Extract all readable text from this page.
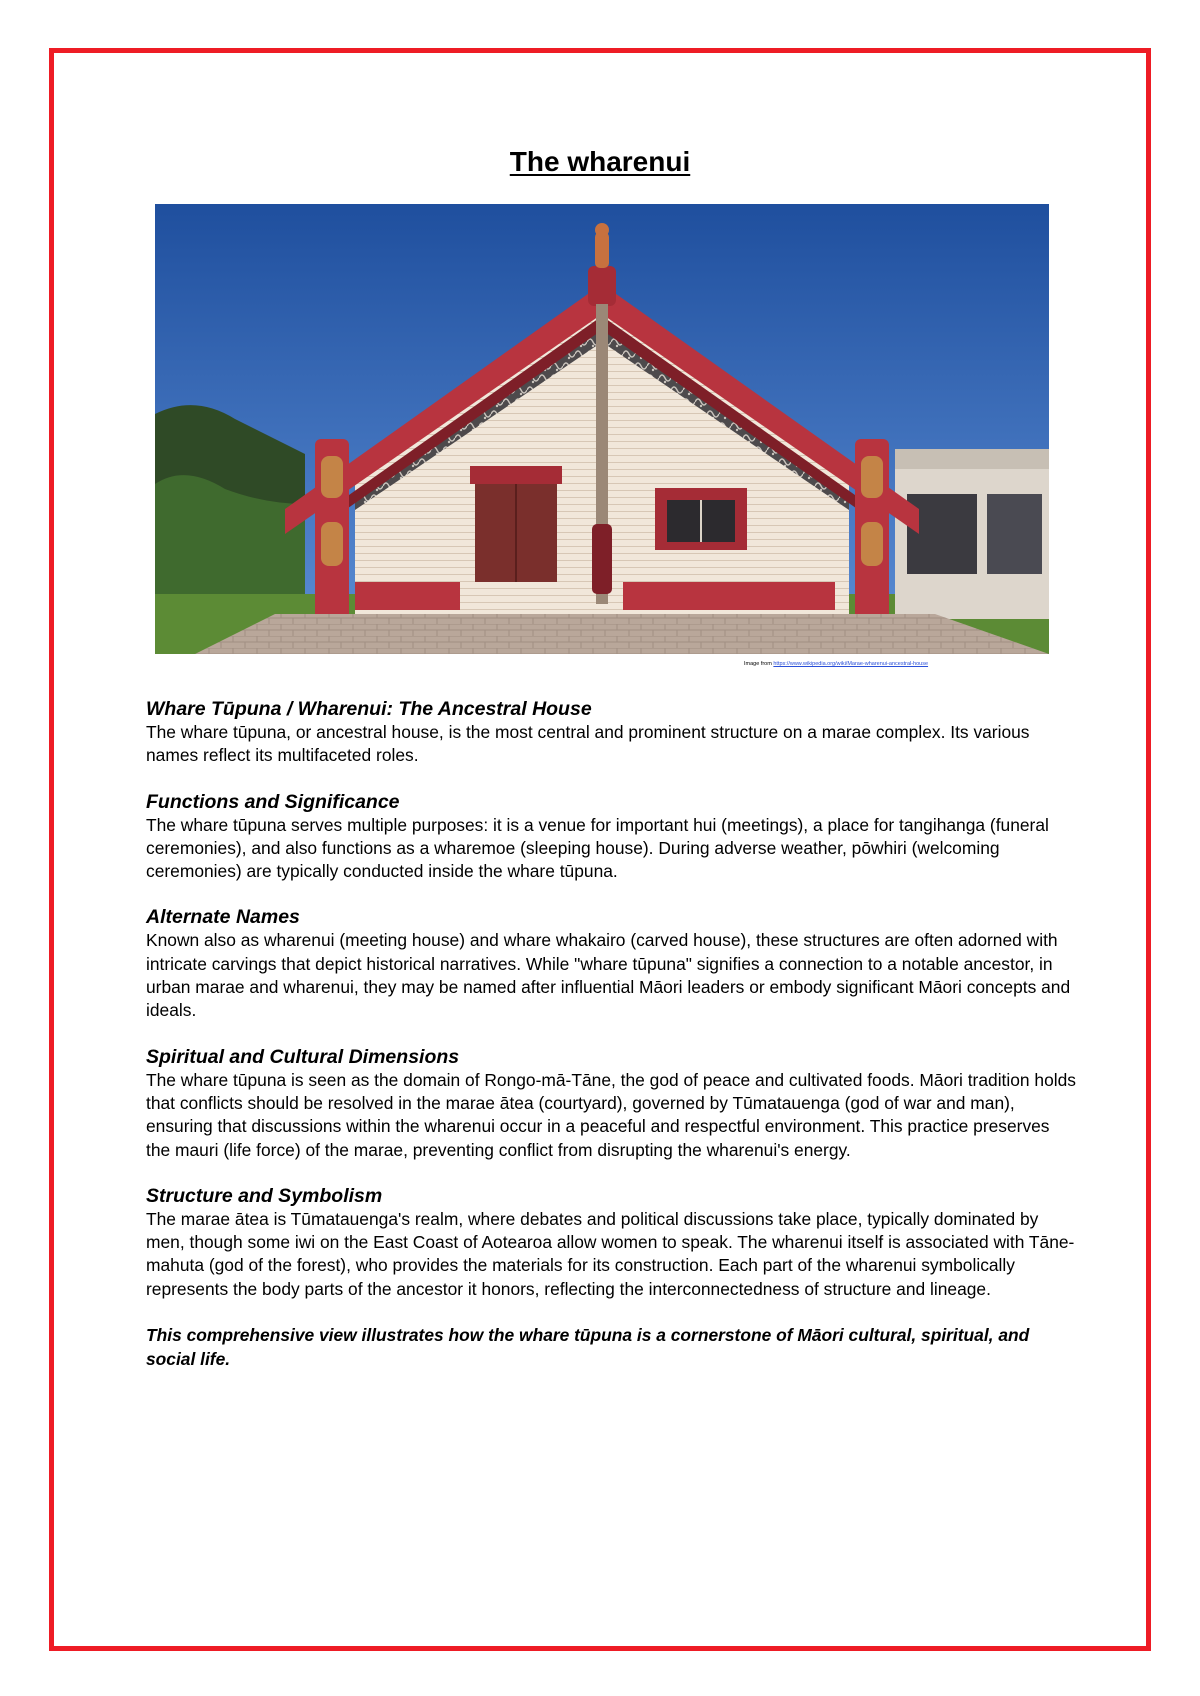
The wharenui
Image from https://www.wikipedia.org/wiki/Marae-wharenui-ancestral-house

Whare Tūpuna / Wharenui: The Ancestral House

The whare tūpuna, or ancestral house, is the most central and prominent structure on a marae complex. Its various names reflect its multifaceted roles.

Functions and Significance

The whare tūpuna serves multiple purposes: it is a venue for important hui (meetings), a place for tangihanga (funeral ceremonies), and also functions as a wharemoe (sleeping house). During adverse weather, pōwhiri (welcoming ceremonies) are typically conducted inside the whare tūpuna.

Alternate Names

Known also as wharenui (meeting house) and whare whakairo (carved house), these structures are often adorned with intricate carvings that depict historical narratives. While "whare tūpuna" signifies a connection to a notable ancestor, in urban marae and wharenui, they may be named after influential Māori leaders or embody significant Māori concepts and ideals.

Spiritual and Cultural Dimensions

The whare tūpuna is seen as the domain of Rongo-mā-Tāne, the god of peace and cultivated foods. Māori tradition holds that conflicts should be resolved in the marae ātea (courtyard), governed by Tūmatauenga (god of war and man), ensuring that discussions within the wharenui occur in a peaceful and respectful environment. This practice preserves the mauri (life force) of the marae, preventing conflict from disrupting the wharenui's energy.

Structure and Symbolism

The marae ātea is Tūmatauenga's realm, where debates and political discussions take place, typically dominated by men, though some iwi on the East Coast of Aotearoa allow women to speak. The wharenui itself is associated with Tāne-mahuta (god of the forest), who provides the materials for its construction. Each part of the wharenui symbolically represents the body parts of the ancestor it honors, reflecting the interconnectedness of structure and lineage.

This comprehensive view illustrates how the whare tūpuna is a cornerstone of Māori cultural, spiritual, and social life.
